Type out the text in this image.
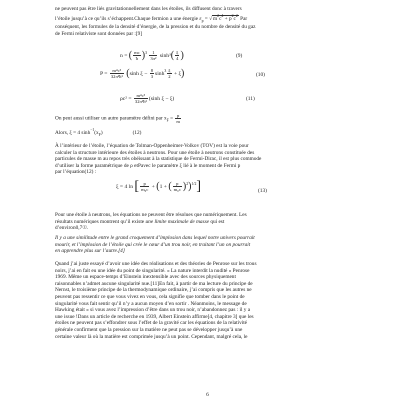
ne peuvent pas être liés gravitationnellement dans les étoiles, ils diffusent donc à travers
l’étoile jusqu’à ce qu’ils s’échappent.Chaque fermion a une énergie $\varepsilon_p = √m^2c^4 + p^2c^2$ Par
conséquent, les formules de la densité d’énergie, de la pression et du nombre de densité du gaz
de Fermi relativiste sont données par :[9]
n = ( $\frac{mc}{ħ} )^3 \frac{1}{\text{3π²}} \sinh^3( \frac{\xi}{4}$ )	(9)
$P = \frac{\text{m⁴c⁵}}{\text{32π²ħ³}} (\sinh$ $\xi - \frac{8}{3} \sinh^3 \frac{\xi}{2} + \xi$)	(10)
$\rho c^2 = \frac{\text{m⁴c⁵}}{\text{32π²ħ³}} (\sinh$ ξ − ξ)	(11)
On peut aussi utiliser un autre paramètre défini par $x_F = \frac{p}{m}$
Alors, ξ = 4 $\sinh^{-1}(x_F)$	(12)
À l’intérieur de l’étoile, l’équation de Tolman-Oppenheimer-Volkov (TOV) est la voie pour
calculer la structure intérieure des étoiles à neutrons. Pour une étoile à neutrons constituée des
particules de masse m au repos très obéissant à la statistique de Fermi-Dirac, il est plus commode
d’utiliser la forme paramétrique de ρ etPavec le paramètre ξ lié à le moment de Fermi p
par l’équation(12) :
ξ = 4 ln [ $\frac{p}{\text{m₀c}} + (1$ + ( $\frac{p}{\text{m₀c}} )^2)^{1/2}$]	(13)
Pour une étoile à neutrons, les équations ne peuvent être résolues que numériquement. Les
résultats numériques montrent qu’il existe une limite maximale de masse qui est
d’environ0,7☉.
Il y a une similitude entre le grand croquement d’implosion dans lequel notre univers pourrait
mourir, et l’implosion de l’étoile qui crée le cœur d’un trou noir, en traitant l’un on pourrait
en apprendre plus sur l’autre.[4]
Quand j’ai juste essayé d’avoir une idée des réalisations et des théories de Penrose sur les trous
noirs, j’ai en fait eu une idée du point de singularité. « La nature interdit la nudité » Penrose
1969. Même un espace-temps d’Einstein inextensible avec des sources physiquement
raisonnables n’admet aucune singularité nue.[11]En fait, à partir de ma lecture du principe de
Nernst, le troisième principe de la thermodynamique ordinaire, j’ai compris que les autres ne
peuvent pas ressentir ce que vous vivez en vous, cela signifie que tomber dans le point de
singularité vous fait sentir qu’il n’y a aucun moyen d’en sortir . Néanmoins, le message de
Hawking était « si vous avez l’impression d’être dans un trou noir, n’abandonnez pas : il y a
une issue !Dans un article de recherche en 1939, Albert Einstein affirme[4, chapitre 3] que les
étoiles ne peuvent pas s’effondrer sous l’effet de la gravité car les équations de la relativité
générale confirment que la pression sur la matière ne peut pas se développer jusqu’à une
certaine valeur là où la matière est comprimée jusqu’à un point. Cependant, malgré cela, le
6
